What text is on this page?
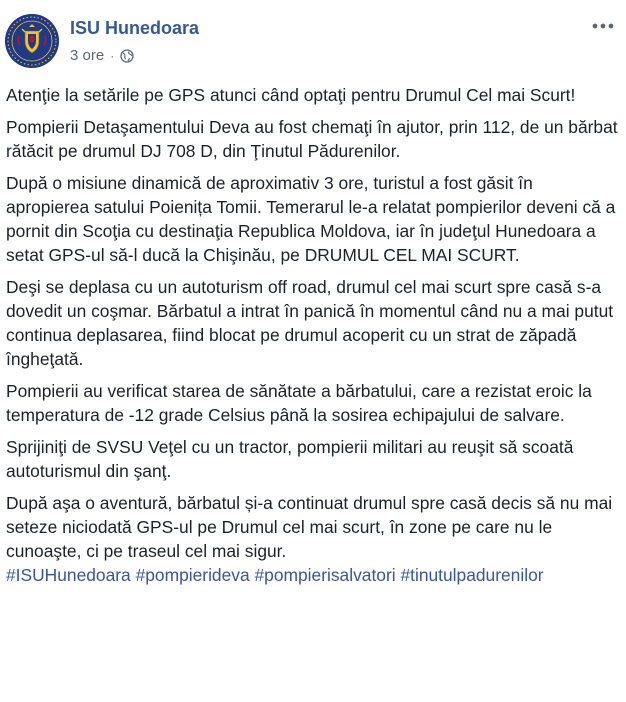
ISU Hunedoara
3 ore ·

Atenţie la setările pe GPS atunci când optaţi pentru Drumul Cel mai Scurt!

Pompierii Detaşamentului Deva au fost chemaţi în ajutor, prin 112, de un bărbat rătăcit pe drumul DJ 708 D, din Ţinutul Pădurenilor.

După o misiune dinamică de aproximativ 3 ore, turistul a fost găsit în apropierea satului Poienița Tomii. Temerarul le-a relatat pompierilor deveni că a pornit din Scoţia cu destinaţia Republica Moldova, iar în judeţul Hunedoara a setat GPS-ul să-l ducă la Chişinău, pe DRUMUL CEL MAI SCURT.

Deşi se deplasa cu un autoturism off road, drumul cel mai scurt spre casă s-a dovedit un coşmar. Bărbatul a intrat în panică în momentul când nu a mai putut continua deplasarea, fiind blocat pe drumul acoperit cu un strat de zăpadă îngheţată.

Pompierii au verificat starea de sănătate a bărbatului, care a rezistat eroic la temperatura de -12 grade Celsius până la sosirea echipajului de salvare.

Sprijiniţi de SVSU Veţel cu un tractor, pompierii militari au reuşit să scoată autoturismul din şanţ.

După aşa o aventură, bărbatul și-a continuat drumul spre casă decis să nu mai seteze niciodată GPS-ul pe Drumul cel mai scurt, în zone pe care nu le cunoaşte, ci pe traseul cel mai sigur.

#ISUHunedoara #pompierideva #pompierisalvatori #tinutulpadurenilor
